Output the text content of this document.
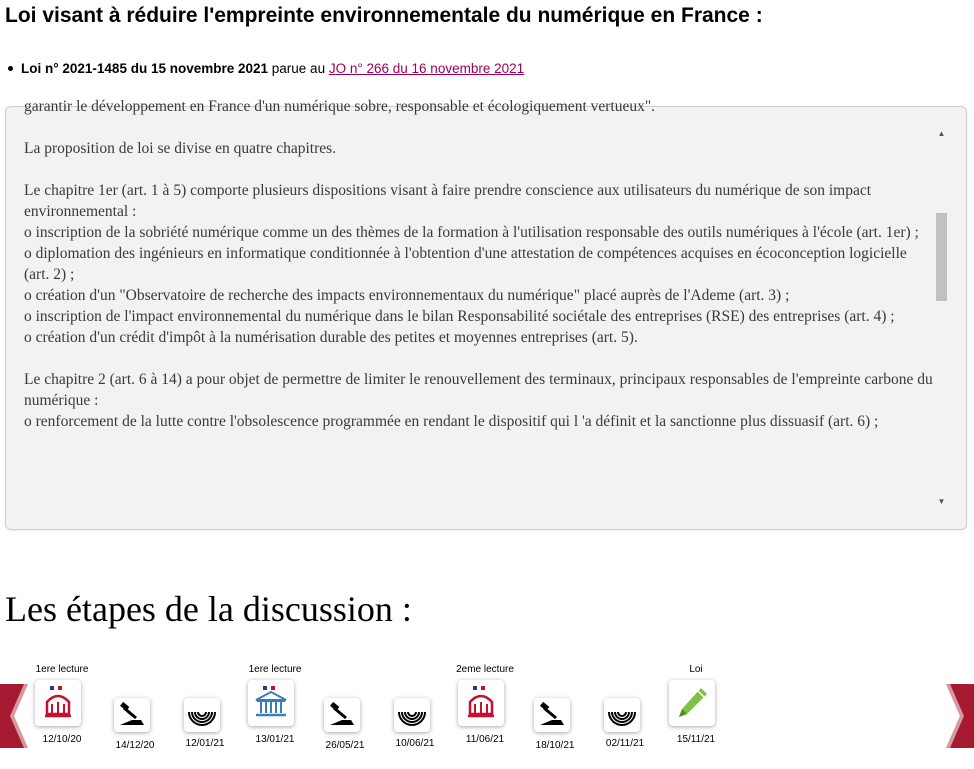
Loi visant à réduire l'empreinte environnementale du numérique en France :
Loi n° 2021-1485 du 15 novembre 2021 parue au JO n° 266 du 16 novembre 2021

garantir le développement en France d'un numérique sobre, responsable et écologiquement vertueux".

La proposition de loi se divise en quatre chapitres.

Le chapitre 1er (art. 1 à 5) comporte plusieurs dispositions visant à faire prendre conscience aux utilisateurs du numérique de son impact environnemental :
o inscription de la sobriété numérique comme un des thèmes de la formation à l'utilisation responsable des outils numériques à l'école (art. 1er) ;
o diplomation des ingénieurs en informatique conditionnée à l'obtention d'une attestation de compétences acquises en écoconception logicielle (art. 2) ;
o création d'un "Observatoire de recherche des impacts environnementaux du numérique" placé auprès de l'Ademe (art. 3) ;
o inscription de l'impact environnemental du numérique dans le bilan Responsabilité sociétale des entreprises (RSE) des entreprises (art. 4) ;
o création d'un crédit d'impôt à la numérisation durable des petites et moyennes entreprises (art. 5).

Le chapitre 2 (art. 6 à 14) a pour objet de permettre de limiter le renouvellement des terminaux, principaux responsables de l'empreinte carbone du numérique :
o renforcement de la lutte contre l'obsolescence programmée en rendant le dispositif qui l 'a définit et la sanctionne plus dissuasif (art. 6) ;

▲
▼
Les étapes de la discussion :
1ere lecture
12/10/20
14/12/20	12/01/21
1ere lecture
13/01/21
26/05/21	10/06/21
2eme lecture
11/06/21
18/10/21	02/11/21
Loi
15/11/21
